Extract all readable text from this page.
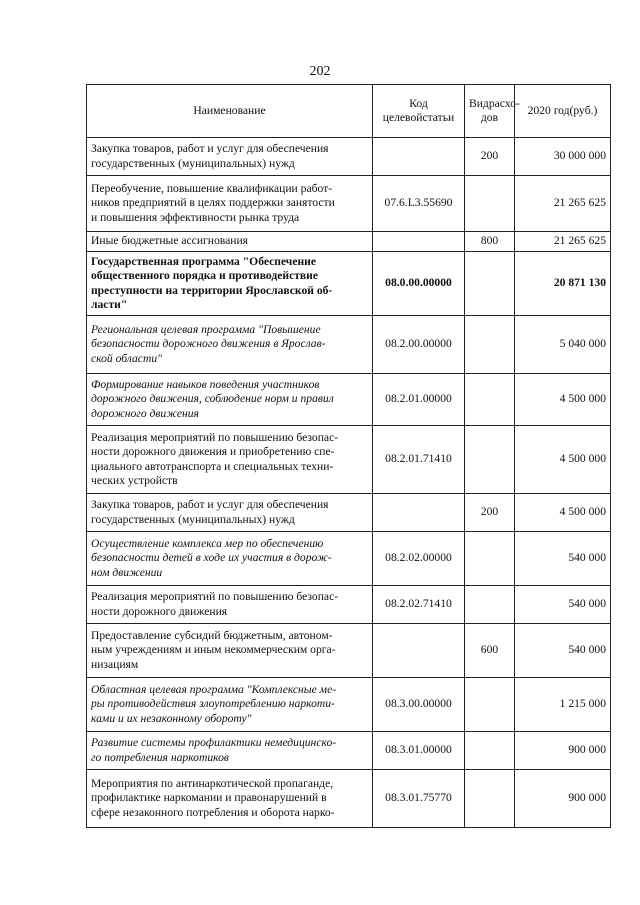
202
Наименование	Код целевойстатьи	Видрасхо-дов	2020 год(руб.)

Закупка товаров, работ и услуг для обеспечения
государственных (муниципальных) нужд		200	30 000 000

Переобучение, повышение квалификации работ-
ников предприятий в целях поддержки занятости
и повышения эффективности рынка труда	07.6.L3.55690		21 265 625

Иные бюджетные ассигнования		800	21 265 625

Государственная программа "Обеспечение
общественного порядка и противодействие
преступности на территории Ярославской об-
ласти"	08.0.00.00000		20 871 130

Региональная целевая программа "Повышение
безопасности дорожного движения в Ярослав-
ской области"	08.2.00.00000		5 040 000

Формирование навыков поведения участников
дорожного движения, соблюдение норм и правил
дорожного движения	08.2.01.00000		4 500 000

Реализация мероприятий по повышению безопас-
ности дорожного движения и приобретению спе-
циального автотранспорта и специальных техни-
ческих устройств	08.2.01.71410		4 500 000

Закупка товаров, работ и услуг для обеспечения
государственных (муниципальных) нужд		200	4 500 000

Осуществление комплекса мер по обеспечению
безопасности детей в ходе их участия в дорож-
ном движении	08.2.02.00000		540 000

Реализация мероприятий по повышению безопас-
ности дорожного движения	08.2.02.71410		540 000

Предоставление субсидий бюджетным, автоном-
ным учреждениям и иным некоммерческим орга-
низациям		600	540 000

Областная целевая программа "Комплексные ме-
ры противодействия злоупотреблению наркоти-
ками и их незаконному обороту"	08.3.00.00000		1 215 000

Развитие системы профилактики немедицинско-
го потребления наркотиков	08.3.01.00000		900 000

Мероприятия по антинаркотической пропаганде,
профилактике наркомании и правонарушений в
сфере незаконного потребления и оборота нарко-	08.3.01.75770		900 000
